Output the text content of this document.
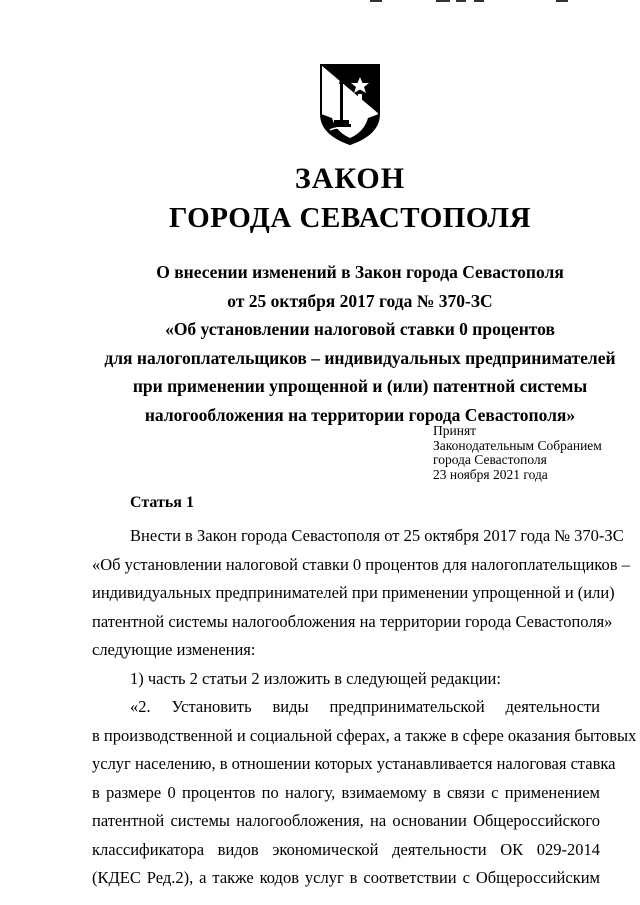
ЗАКОН
ГОРОДА СЕВАСТОПОЛЯ
О внесении изменений в Закон города Севастополя
от 25 октября 2017 года № 370-ЗС
«Об установлении налоговой ставки 0 процентов
для налогоплательщиков – индивидуальных предпринимателей
при применении упрощенной и (или) патентной системы
налогообложения на территории города Севастополя»
Принят
Законодательным Собранием
города Севастополя
23 ноября 2021 года
Статья 1
Внести в Закон города Севастополя от 25 октября 2017 года № 370-ЗС
«Об установлении налоговой ставки 0 процентов для налогоплательщиков –
индивидуальных предпринимателей при применении упрощенной и (или)
патентной системы налогообложения на территории города Севастополя»
следующие изменения:
1) часть 2 статьи 2 изложить в следующей редакции:
«2. Установить виды предпринимательской деятельности
в производственной и социальной сферах, а также в сфере оказания бытовых
услуг населению, в отношении которых устанавливается налоговая ставка
в размере 0 процентов по налогу, взимаемому в связи с применением
патентной системы налогообложения, на основании Общероссийского
классификатора видов экономической деятельности ОК 029-2014
(КДЕС Ред.2), а также кодов услуг в соответствии с Общероссийским
